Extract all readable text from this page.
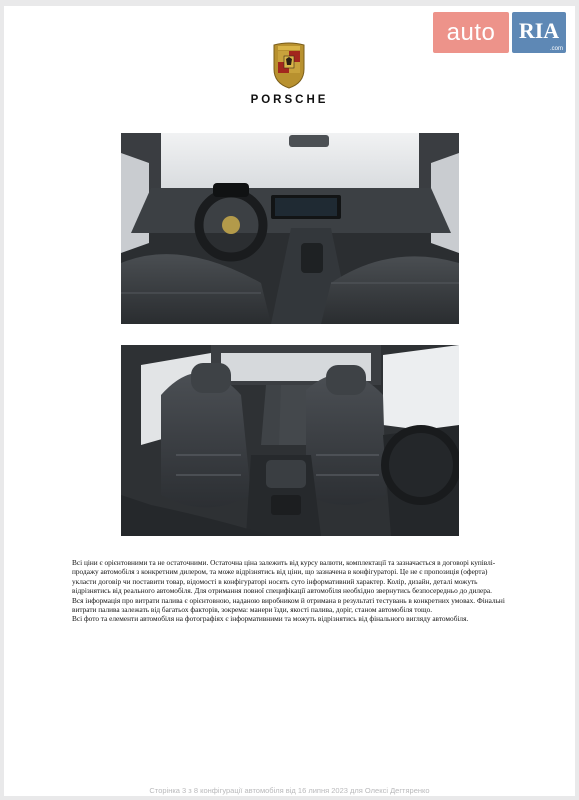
auto	RIA
.com
PORSCHE

Всі ціни є орієнтовними та не остаточними. Остаточна ціна залежить від курсу валюти, комплектації та зазначається в договорі купівлі-продажу автомобіля з конкретним дилером, та може відрізнятись від ціни, що зазначена в конфігураторі. Це не є пропозиція (оферта) укласти договір чи поставити товар, відомості в конфігураторі носять суто інформативний характер. Колір, дизайн, деталі можуть відрізнятись від реального автомобіля. Для отримання повної специфікації автомобіля необхідно звернутись безпосередньо до дилера.

Вся інформація про витрати палива є орієнтовною, наданою виробником й отримана в результаті тестувань в конкретних умовах. Фінальні витрати палива залежать від багатьох факторів, зокрема: манери їзди, якості палива, доріг, станом автомобіля тощо.

Всі фото та елементи автомобіля на фотографіях є інформативними та можуть відрізнятись від фінального вигляду автомобіля.

Сторінка 3 з 8 конфігурації автомобіля від 16 липня 2023 для Олексі Дегтяренко
